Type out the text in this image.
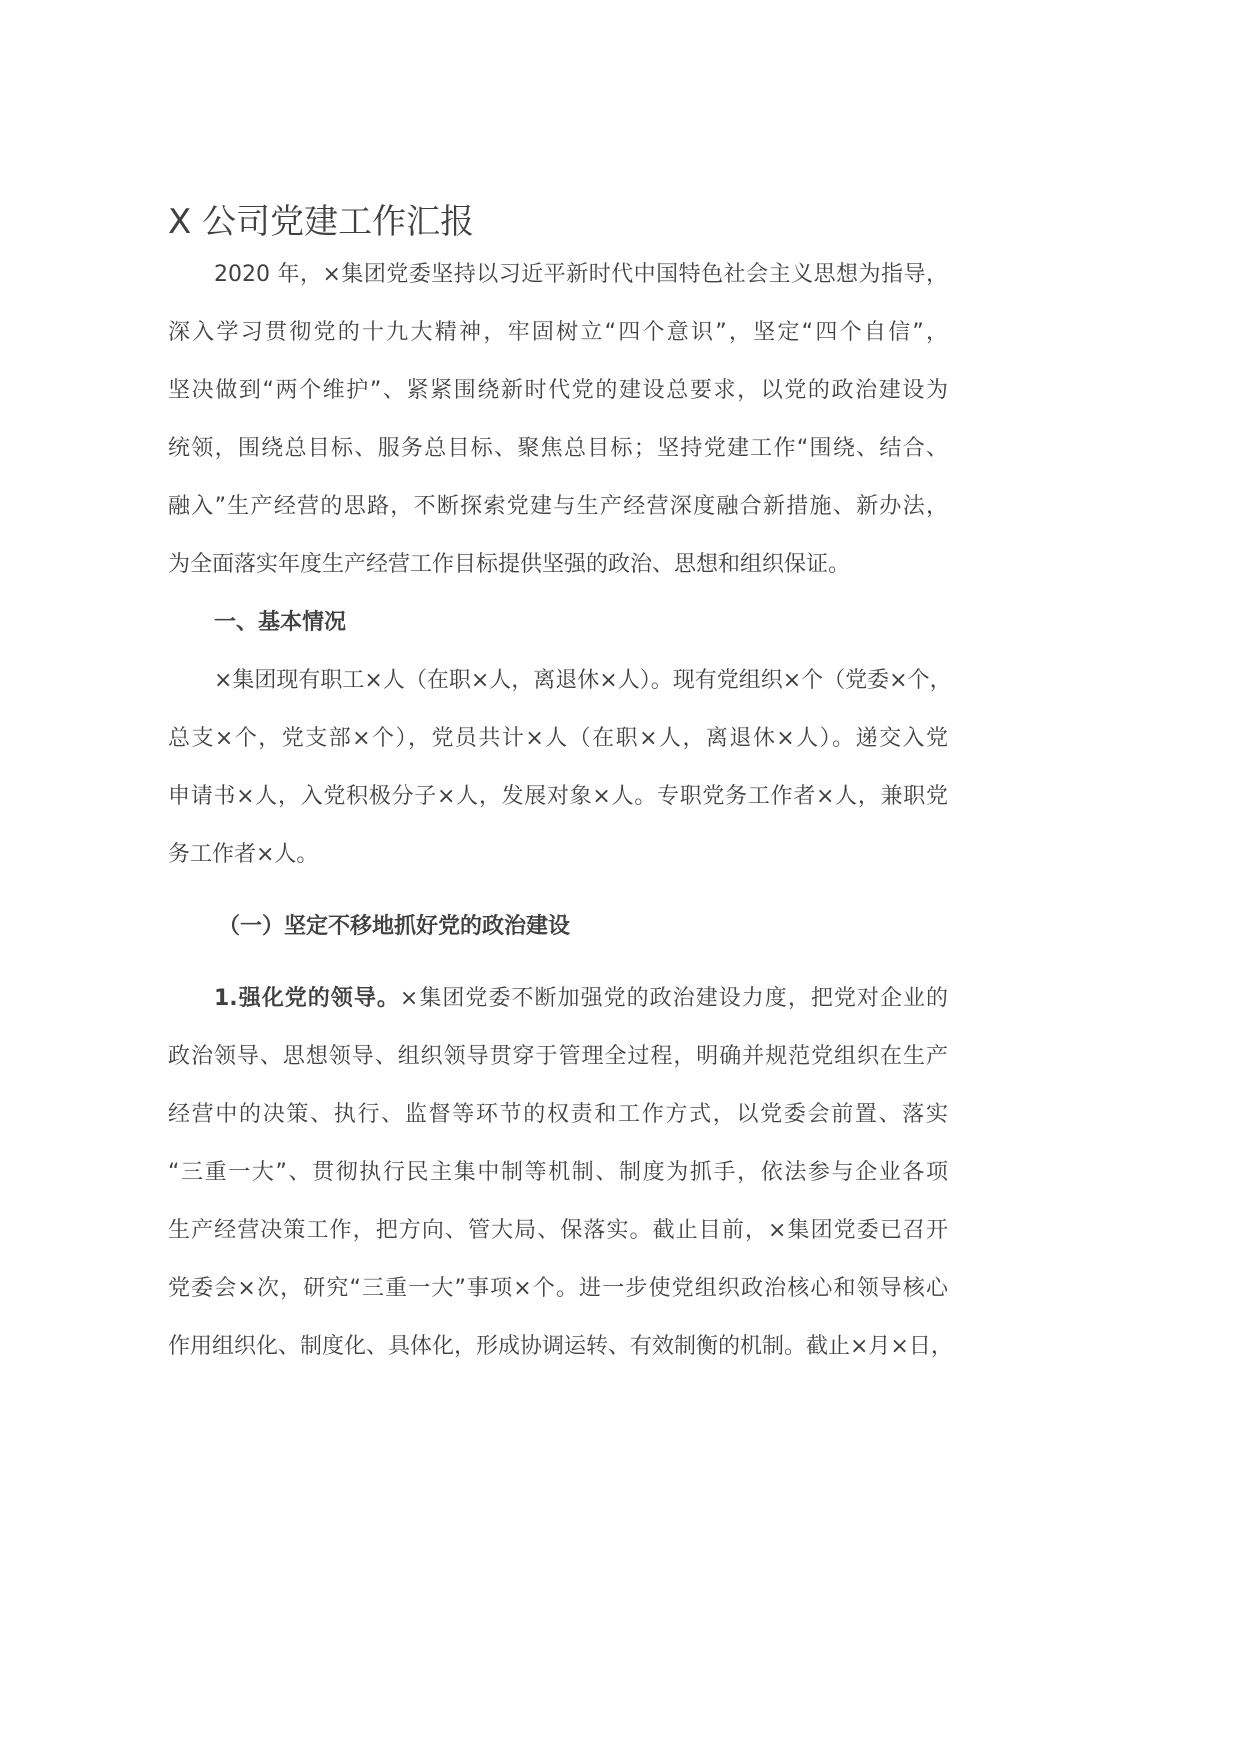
X 公司党建工作汇报
2020 年，×集团党委坚持以习近平新时代中国特色社会主义思想为指导，
深入学习贯彻党的十九大精神，牢固树立“四个意识”，坚定“四个自信”，
坚决做到“两个维护”、紧紧围绕新时代党的建设总要求，以党的政治建设为
统领，围绕总目标、服务总目标、聚焦总目标；坚持党建工作“围绕、结合、
融入”生产经营的思路，不断探索党建与生产经营深度融合新措施、新办法，
为全面落实年度生产经营工作目标提供坚强的政治、思想和组织保证。
一、基本情况
×集团现有职工×人（在职×人，离退休×人）。现有党组织×个（党委×个，
总支×个，党支部×个），党员共计×人（在职×人，离退休×人）。递交入党
申请书×人，入党积极分子×人，发展对象×人。专职党务工作者×人，兼职党
务工作者×人。
（一）坚定不移地抓好党的政治建设
1.强化党的领导。×集团党委不断加强党的政治建设力度，把党对企业的
政治领导、思想领导、组织领导贯穿于管理全过程，明确并规范党组织在生产
经营中的决策、执行、监督等环节的权责和工作方式，以党委会前置、落实
“三重一大”、贯彻执行民主集中制等机制、制度为抓手，依法参与企业各项
生产经营决策工作，把方向、管大局、保落实。截止目前，×集团党委已召开
党委会×次，研究“三重一大”事项×个。进一步使党组织政治核心和领导核心
作用组织化、制度化、具体化，形成协调运转、有效制衡的机制。截止×月×日，
